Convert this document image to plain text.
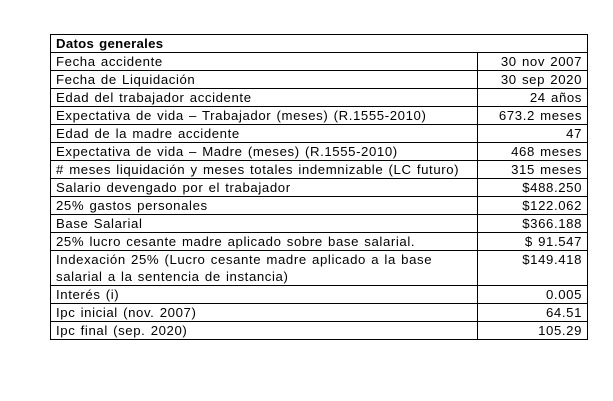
Datos generales	
Fecha accidente	30 nov 2007
Fecha de Liquidación	30 sep 2020
Edad del trabajador accidente	24 años
Expectativa de vida – Trabajador (meses) (R.1555-2010)	673.2 meses
Edad de la madre accidente	47
Expectativa de vida – Madre (meses) (R.1555-2010)	468 meses
# meses liquidación y meses totales indemnizable (LC futuro)	315 meses
Salario devengado por el trabajador	$488.250
25% gastos personales	$122.062
Base Salarial	$366.188
25% lucro cesante madre aplicado sobre base salarial.	$ 91.547
Indexación 25% (Lucro cesante madre aplicado a la base salarial a la sentencia de instancia)	$149.418
Interés (i)	0.005
Ipc inicial (nov. 2007)	64.51
Ipc final (sep. 2020)	105.29
